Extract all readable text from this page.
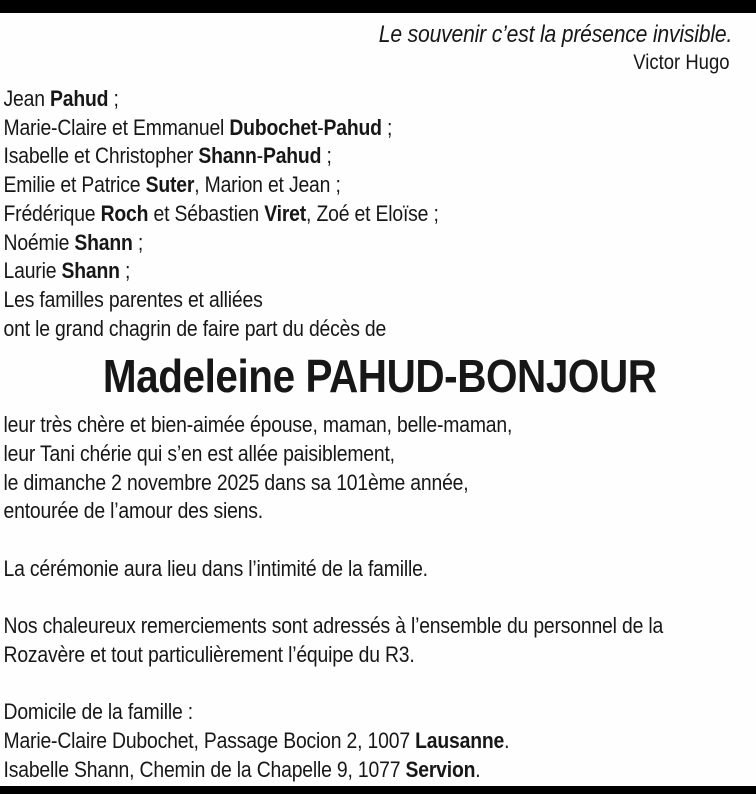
Le souvenir c’est la présence invisible.
Victor Hugo
Jean Pahud ;
Marie-Claire et Emmanuel Dubochet-Pahud ;
Isabelle et Christopher Shann-Pahud ;
Emilie et Patrice Suter, Marion et Jean ;
Frédérique Roch et Sébastien Viret, Zoé et Eloïse ;
Noémie Shann ;
Laurie Shann ;
Les familles parentes et alliées
ont le grand chagrin de faire part du décès de
Madeleine PAHUD-BONJOUR
leur très chère et bien-aimée épouse, maman, belle-maman,
leur Tani chérie qui s’en est allée paisiblement,
le dimanche 2 novembre 2025 dans sa 101ème année,
entourée de l’amour des siens.
La cérémonie aura lieu dans l’intimité de la famille.
Nos chaleureux remerciements sont adressés à l’ensemble du personnel de la
Rozavère et tout particulièrement l’équipe du R3.
Domicile de la famille :
Marie-Claire Dubochet, Passage Bocion 2, 1007 Lausanne.
Isabelle Shann, Chemin de la Chapelle 9, 1077 Servion.
